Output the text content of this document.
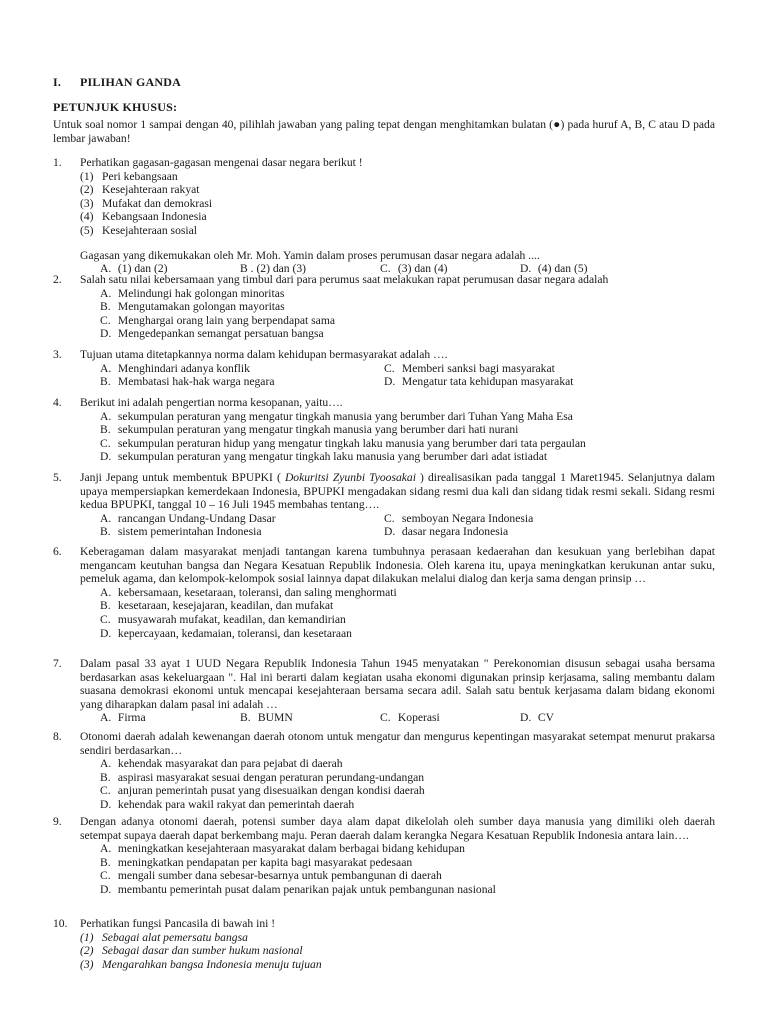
I. PILIHAN GANDA
PETUNJUK KHUSUS:
Untuk soal nomor 1 sampai dengan 40, pilihlah jawaban yang paling tepat dengan menghitamkan bulatan (●) pada huruf A, B, C atau D pada lembar jawaban!
1.	Perhatikan gagasan-gagasan mengenai dasar negara berikut !
(1) Peri kebangsaan
(2) Kesejahteraan rakyat
(3) Mufakat dan demokrasi
(4) Kebangsaan Indonesia
(5) Kesejahteraan sosial
Gagasan yang dikemukakan oleh Mr. Moh. Yamin dalam proses perumusan dasar negara adalah ....
A. (1) dan (2)	B . (2) dan (3)	C. (3) dan (4)	D. (4) dan (5)
2.	Salah satu nilai kebersamaan yang timbul dari para perumus saat melakukan rapat perumusan dasar negara adalah
A. Melindungi hak golongan minoritas
B. Mengutamakan golongan mayoritas
C. Menghargai orang lain yang berpendapat sama
D. Mengedepankan semangat persatuan bangsa
3.	Tujuan utama ditetapkannya norma dalam kehidupan bermasyarakat adalah ….
A. Menghindari adanya konflik	C. Memberi sanksi bagi masyarakat
B. Membatasi hak-hak warga negara	D. Mengatur tata kehidupan masyarakat
4.	Berikut ini adalah pengertian norma kesopanan, yaitu….
A. sekumpulan peraturan yang mengatur tingkah manusia yang berumber dari Tuhan Yang Maha Esa
B. sekumpulan peraturan yang mengatur tingkah manusia yang berumber dari hati nurani
C. sekumpulan peraturan hidup yang mengatur tingkah laku manusia yang berumber dari tata pergaulan
D. sekumpulan peraturan yang mengatur tingkah laku manusia yang berumber dari adat istiadat
5.	Janji Jepang untuk membentuk BPUPKI ( Dokuritsi Zyunbi Tyoosakai ) direalisasikan pada tanggal 1 Maret1945. Selanjutnya dalam upaya mempersiapkan kemerdekaan Indonesia, BPUPKI mengadakan sidang resmi dua kali dan sidang tidak resmi sekali. Sidang resmi kedua BPUPKI, tanggal 10 – 16 Juli 1945 membahas tentang….
A. rancangan Undang-Undang Dasar	C. semboyan Negara Indonesia
B. sistem pemerintahan Indonesia	D. dasar negara Indonesia
6.	Keberagaman dalam masyarakat menjadi tantangan karena tumbuhnya perasaan kedaerahan dan kesukuan yang berlebihan dapat mengancam keutuhan bangsa dan Negara Kesatuan Republik Indonesia. Oleh karena itu, upaya meningkatkan kerukunan antar suku, pemeluk agama, dan kelompok-kelompok sosial lainnya dapat dilakukan melalui dialog dan kerja sama dengan prinsip …
A. kebersamaan, kesetaraan, toleransi, dan saling menghormati
B. kesetaraan, kesejajaran, keadilan, dan mufakat
C. musyawarah mufakat, keadilan, dan kemandirian
D. kepercayaan, kedamaian, toleransi, dan kesetaraan
7.	Dalam pasal 33 ayat 1 UUD Negara Republik Indonesia Tahun 1945 menyatakan " Perekonomian disusun sebagai usaha bersama berdasarkan asas kekeluargaan ". Hal ini berarti dalam kegiatan usaha ekonomi digunakan prinsip kerjasama, saling membantu dalam suasana demokrasi ekonomi untuk mencapai kesejahteraan bersama secara adil. Salah satu bentuk kerjasama dalam bidang ekonomi yang diharapkan dalam pasal ini adalah …
A. Firma	B. BUMN	C. Koperasi	D. CV
8.	Otonomi daerah adalah kewenangan daerah otonom untuk mengatur dan mengurus kepentingan masyarakat setempat menurut prakarsa sendiri berdasarkan…
A. kehendak masyarakat dan para pejabat di daerah
B. aspirasi masyarakat sesuai dengan peraturan perundang-undangan
C. anjuran pemerintah pusat yang disesuaikan dengan kondisi daerah
D. kehendak para wakil rakyat dan pemerintah daerah
9.	Dengan adanya otonomi daerah, potensi sumber daya alam dapat dikelolah oleh sumber daya manusia yang dimiliki oleh daerah setempat supaya daerah dapat berkembang maju. Peran daerah dalam kerangka Negara Kesatuan Republik Indonesia antara lain….
A. meningkatkan kesejahteraan masyarakat dalam berbagai bidang kehidupan
B. meningkatkan pendapatan per kapita bagi masyarakat pedesaan
C. mengali sumber dana sebesar-besarnya untuk pembangunan di daerah
D. membantu pemerintah pusat dalam penarikan pajak untuk pembangunan nasional
10.	Perhatikan fungsi Pancasila di bawah ini !
(1) Sebagai alat pemersatu bangsa
(2) Sebagai dasar dan sumber hukum nasional
(3) Mengarahkan bangsa Indonesia menuju tujuan
